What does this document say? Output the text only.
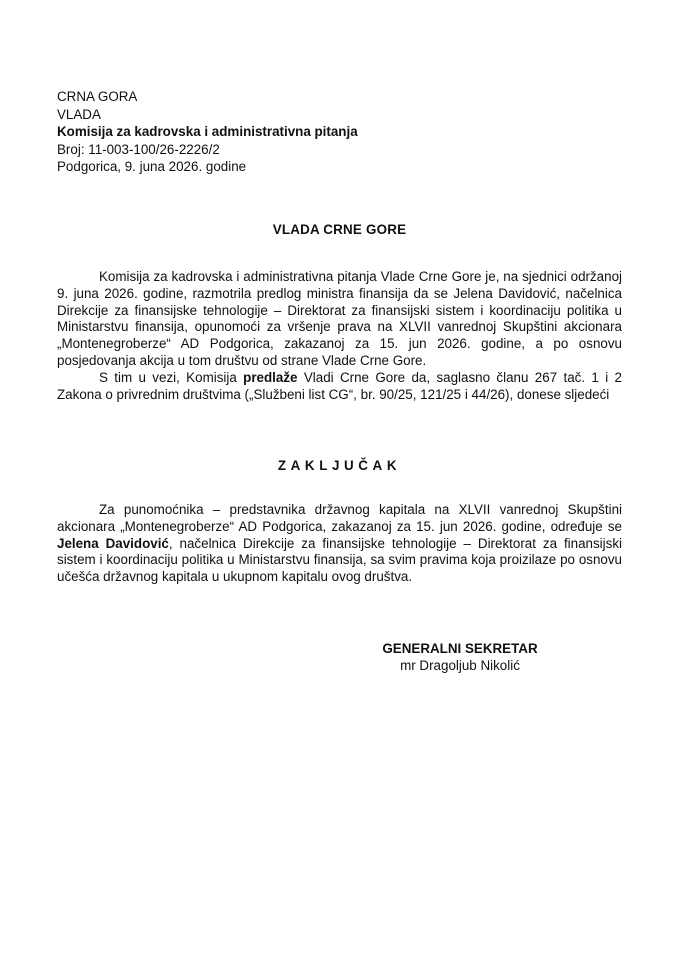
CRNA GORA
VLADA
Komisija za kadrovska i administrativna pitanja
Broj: 11-003-100/26-2226/2
Podgorica, 9. juna 2026. godine
VLADA CRNE GORE

Komisija za kadrovska i administrativna pitanja Vlade Crne Gore je, na sjednici održanoj 9. juna 2026. godine, razmotrila predlog ministra finansija da se Jelena Davidović, načelnica Direkcije za finansijske tehnologije – Direktorat za finansijski sistem i koordinaciju politika u Ministarstvu finansija, opunomoći za vršenje prava na XLVII vanrednoj Skupštini akcionara „Montenegroberze“ AD Podgorica, zakazanoj za 15. jun 2026. godine, a po osnovu posjedovanja akcija u tom društvu od strane Vlade Crne Gore.

S tim u vezi, Komisija predlaže Vladi Crne Gore da, saglasno članu 267 tač. 1 i 2 Zakona o privrednim društvima („Službeni list CG“, br. 90/25, 121/25 i 44/26), donese sljedeći

ZAKLJUČAK

Za punomoćnika – predstavnika državnog kapitala na XLVII vanrednoj Skupštini akcionara „Montenegroberze“ AD Podgorica, zakazanoj za 15. jun 2026. godine, određuje se Jelena Davidović, načelnica Direkcije za finansijske tehnologije – Direktorat za finansijski sistem i koordinaciju politika u Ministarstvu finansija, sa svim pravima koja proizilaze po osnovu učešća državnog kapitala u ukupnom kapitalu ovog društva.

GENERALNI SEKRETAR
mr Dragoljub Nikolić
